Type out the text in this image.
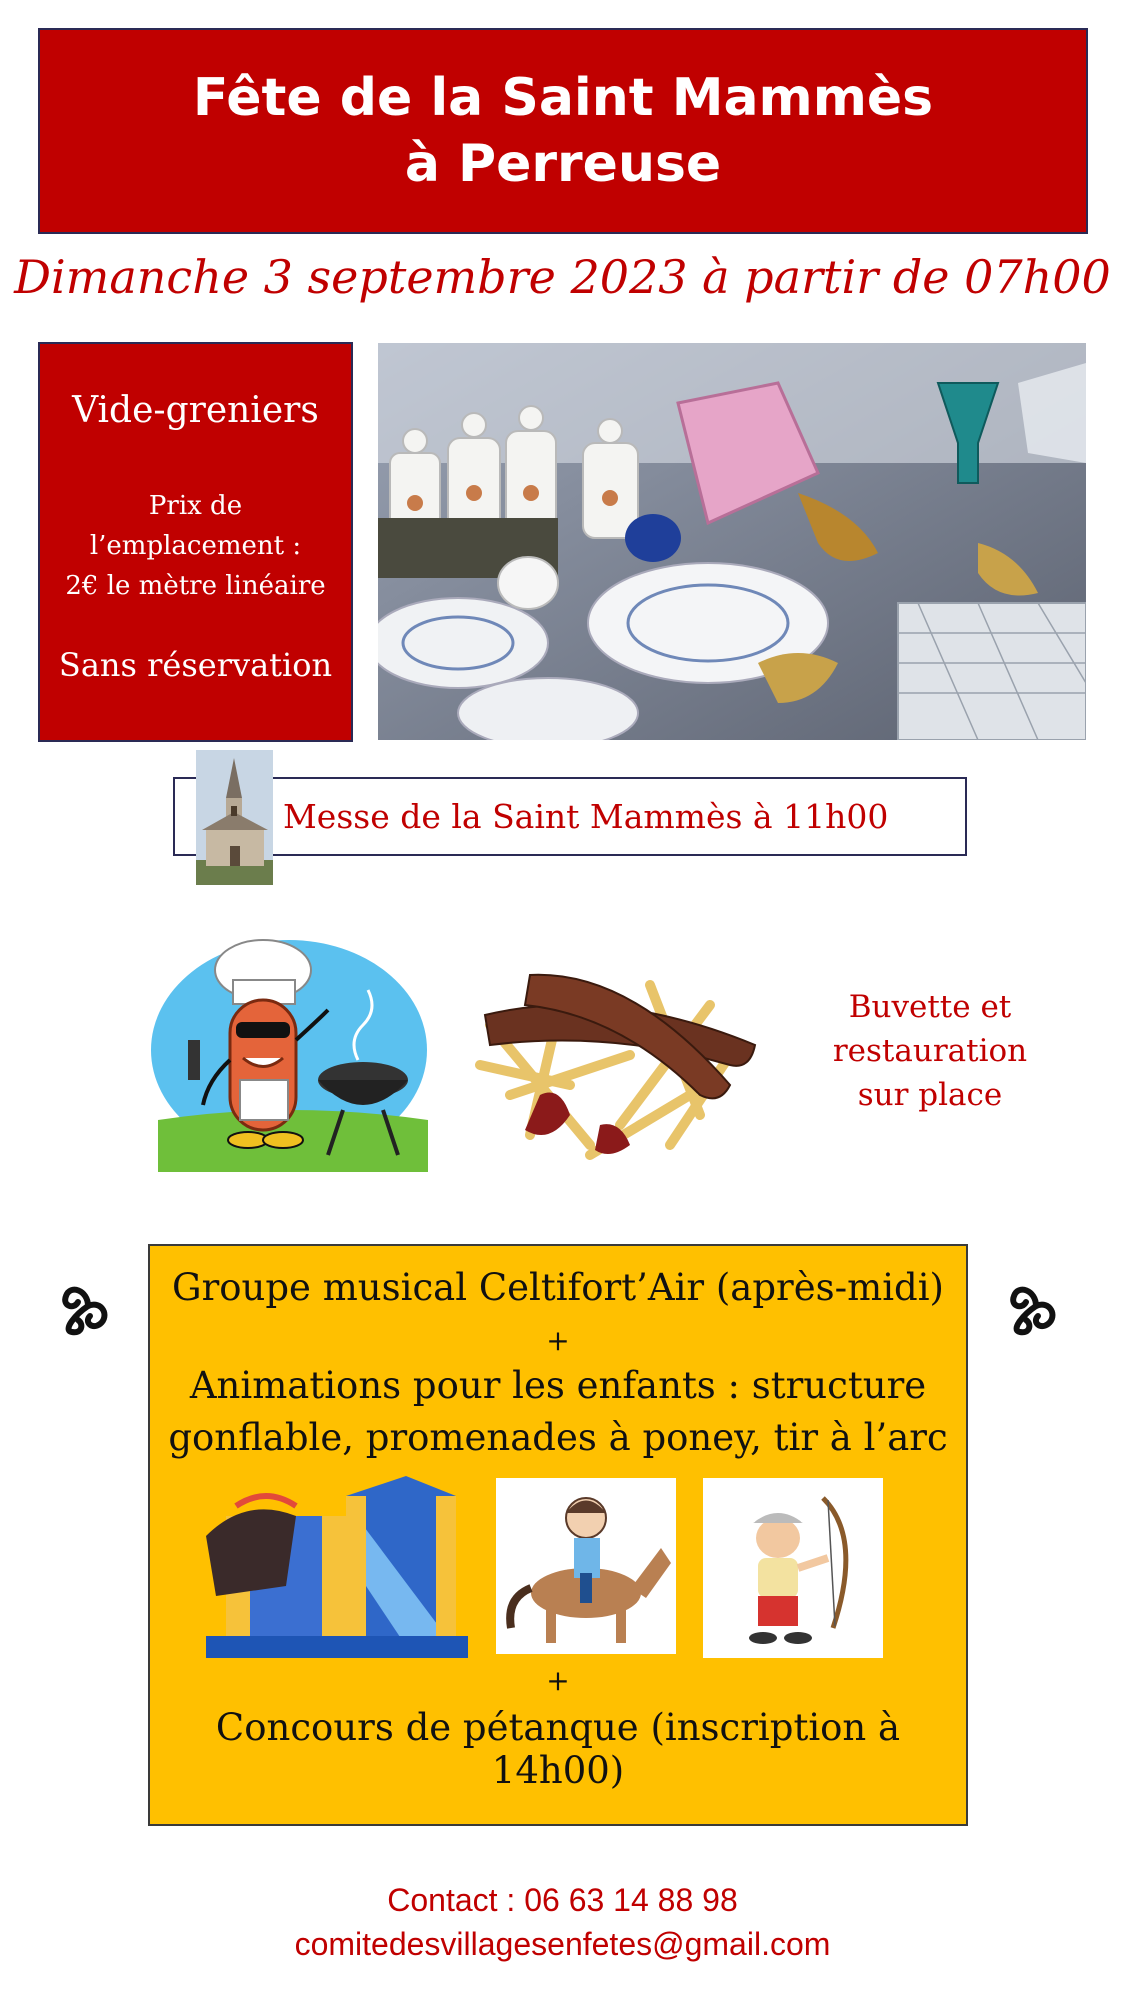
Fête de la Saint Mammès
à Perreuse
Dimanche 3 septembre 2023 à partir de 07h00
Vide-greniers
Prix de
l’emplacement :
2€ le mètre linéaire
Sans réservation
Messe de la Saint Mammès à 11h00
Buvette et
restauration
sur place
Groupe musical Celtifort’Air (après-midi)
+
Animations pour les enfants : structure
gonflable, promenades à poney, tir à l’arc
+
Concours de pétanque (inscription à 14h00)
Contact : 06 63 14 88 98
comitedesvillagesenfetes@gmail.com
